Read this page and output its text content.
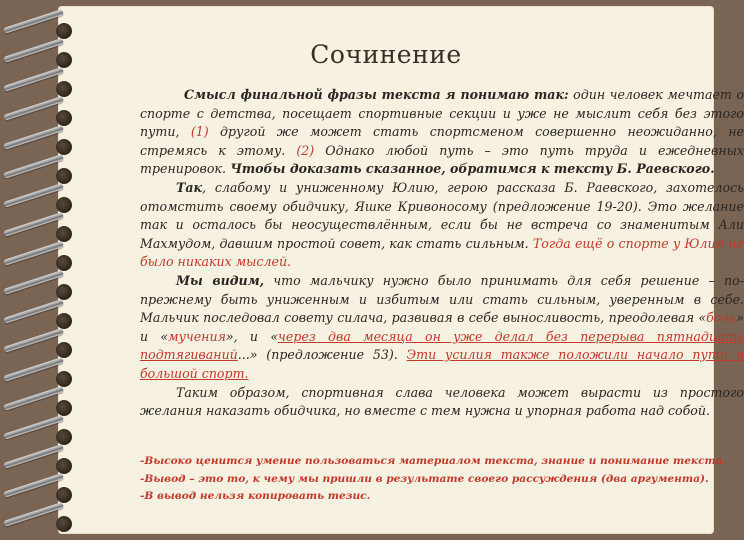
Сочинение

Смысл финальной фразы текста я понимаю так: один человек мечтает о спорте с детства, посещает спортивные секции и уже не мыслит себя без этого пути, (1) другой же может стать спортсменом совершенно неожиданно, не стремясь к этому. (2) Однако любой путь – это путь труда и ежедневных тренировок. Чтобы доказать сказанное, обратимся к тексту Б. Раевского.

Так, слабому и униженному Юлию, герою рассказа Б. Раевского, захотелось отомстить своему обидчику, Яшке Кривоносому (предложение 19-20). Это желание так и осталось бы неосуществлённым, если бы не встреча со знаменитым Али Махмудом, давшим простой совет, как стать сильным. Тогда ещё о спорте у Юлия не было никаких мыслей.

Мы видим, что мальчику нужно было принимать для себя решение – по-прежнему быть униженным и избитым или стать сильным, уверенным в себе. Мальчик последовал совету силача, развивая в себе выносливость, преодолевая «боль» и «мучения», и «через два месяца он уже делал без перерыва пятнадцать подтягиваний...» (предложение 53). Эти усилия также положили начало пути в большой спорт.

Таким образом, спортивная слава человека может вырасти из простого желания наказать обидчика, но вместе с тем нужна и упорная работа над собой.

-Высоко ценится умение пользоваться материалом текста, знание и понимание текста.

-Вывод – это то, к чему мы пришли в результате своего рассуждения (два аргумента).

-В вывод нельзя копировать тезис.
